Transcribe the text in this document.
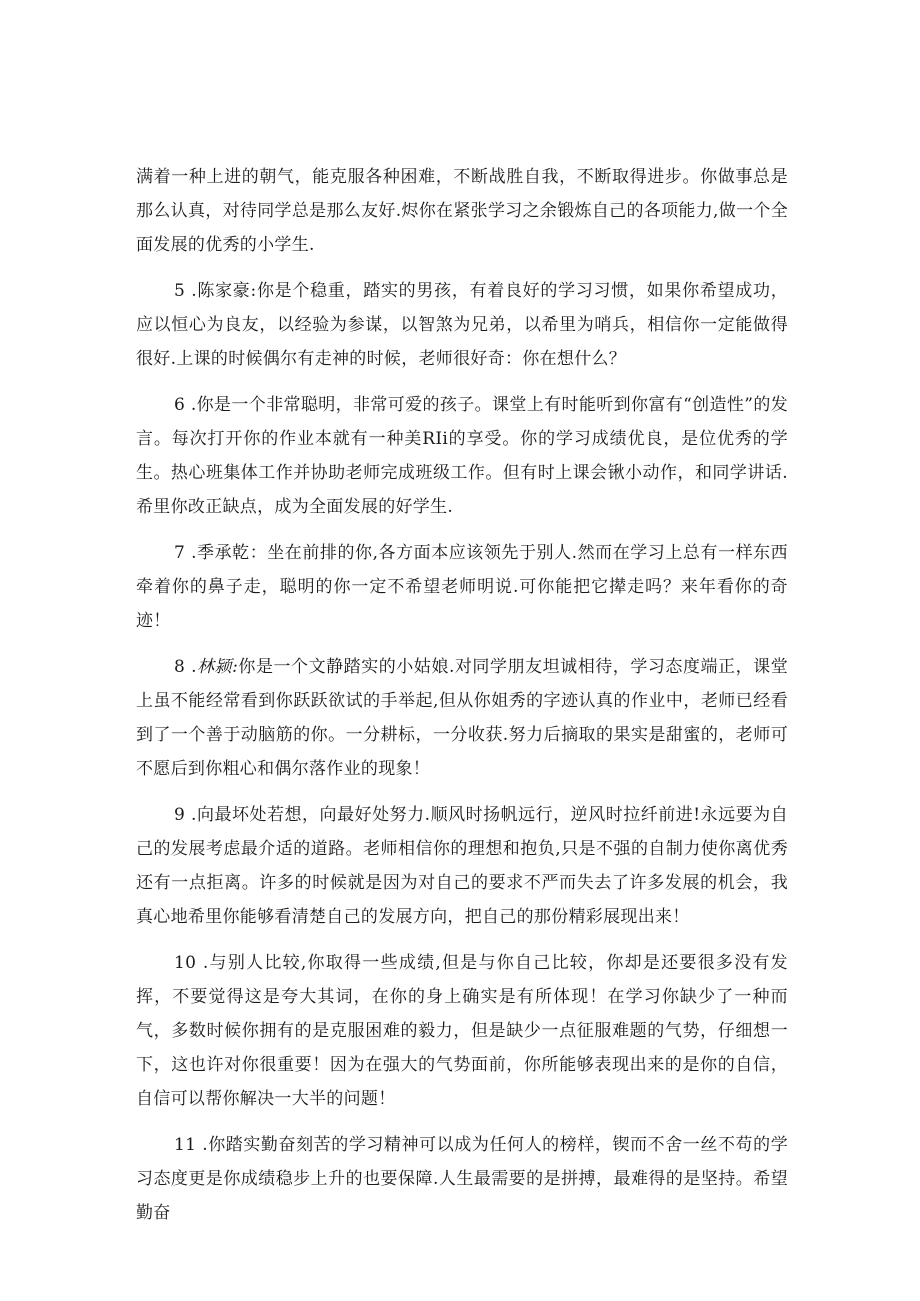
满着一种上进的朝气，能克服各种困难，不断战胜自我，不断取得进步。你做事总是那么认真，对待同学总是那么友好.烬你在紧张学习之余锻炼自己的各项能力,做一个全面发展的优秀的小学生.

5 .陈家豪:你是个稳重，踏实的男孩，有着良好的学习习惯，如果你希望成功，应以恒心为良友，以经验为参谋，以智煞为兄弟，以希里为哨兵，相信你一定能做得很好.上课的时候偶尔有走神的时候，老师很好奇：你在想什么？

6 .你是一个非常聪明，非常可爱的孩子。课堂上有时能听到你富有“创造性”的发言。每次打开你的作业本就有一种美RIi的享受。你的学习成绩优良，是位优秀的学生。热心班集体工作并协助老师完成班级工作。但有时上课会锹小动作，和同学讲话.希里你改正缺点，成为全面发展的好学生.

7 .季承乾：坐在前排的你,各方面本应该领先于别人.然而在学习上总有一样东西牵着你的鼻子走，聪明的你一定不希望老师明说.可你能把它撵走吗？来年看你的奇迹！

8 .林颍:你是一个文静踏实的小姑娘.对同学朋友坦诚相待，学习态度端正，课堂上虽不能经常看到你跃跃欲试的手举起,但从你姐秀的字迹认真的作业中，老师已经看到了一个善于动脑筋的你。一分耕标，一分收获.努力后摘取的果实是甜蜜的，老师可不愿后到你粗心和偶尔落作业的现象！

9 .向最坏处若想，向最好处努力.顺风时扬帆远行，逆风时拉纤前进!永远要为自己的发展考虑最介适的道路。老师相信你的理想和抱负,只是不强的自制力使你离优秀还有一点拒离。许多的时候就是因为对自己的要求不严而失去了许多发展的机会，我真心地希里你能够看清楚自己的发展方向，把自己的那份精彩展现出来！

10 .与别人比较,你取得一些成绩,但是与你自己比较，你却是还要很多没有发挥，不要觉得这是夸大其词，在你的身上确实是有所体现！在学习你缺少了一种而气，多数时候你拥有的是克服困难的毅力，但是缺少一点征服难题的气势，仔细想一下，这也许对你很重要！因为在强大的气势面前，你所能够表现出来的是你的自信，自信可以帮你解决一大半的问题！

11 .你踏实勤奋刻苦的学习精神可以成为任何人的榜样，锲而不舍一丝不苟的学习态度更是你成绩稳步上升的也要保障.人生最需要的是拼搏，最难得的是坚持。希望勤奋
